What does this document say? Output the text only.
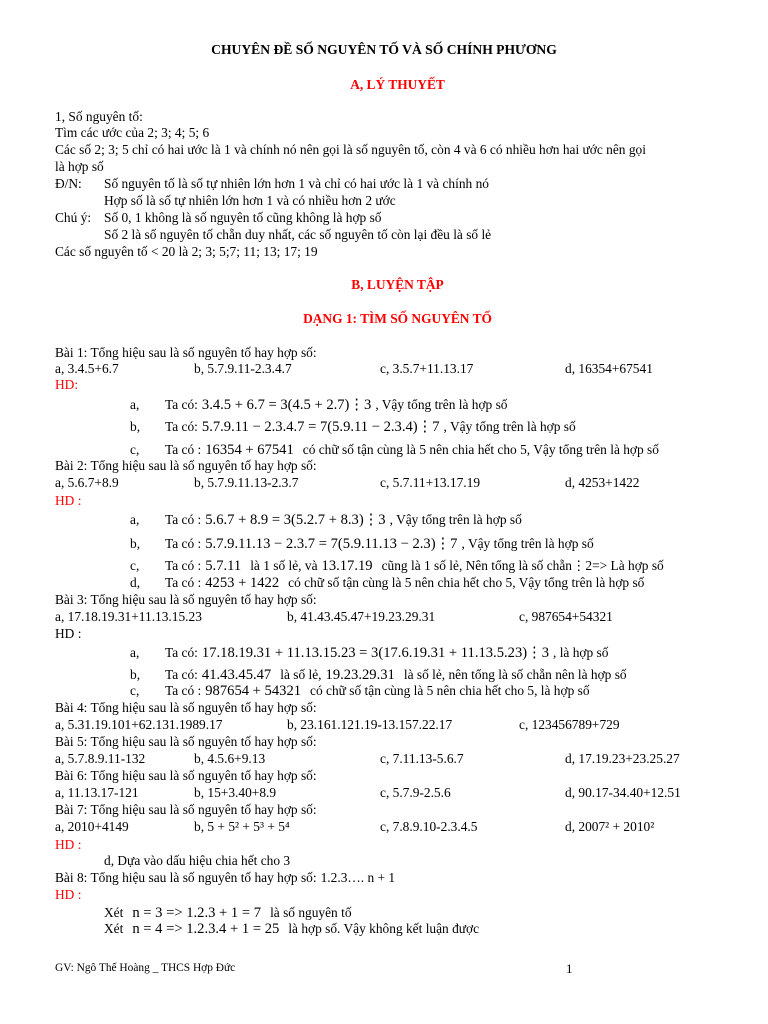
CHUYÊN ĐỀ SỐ NGUYÊN TỐ VÀ SỐ CHÍNH PHƯƠNG
A, LÝ THUYẾT
1, Số nguyên tố:
Tìm các ước của 2; 3; 4; 5; 6
Các số 2; 3; 5 chỉ có hai ước là 1 và chính nó nên gọi là số nguyên tố, còn 4 và 6 có nhiều hơn hai ước nên gọi
là hợp số
Đ/N: Số nguyên tố là số tự nhiên lớn hơn 1 và chỉ có hai ước là 1 và chính nó
Hợp số là số tự nhiên lớn hơn 1 và có nhiều hơn 2 ước
Chú ý: Số 0, 1 không là số nguyên tố cũng không là hợp số
Số 2 là số nguyên tố chẵn duy nhất, các số nguyên tố còn lại đều là số lẻ
Các số nguyên tố < 20 là 2; 3; 5;7; 11; 13; 17; 19
B, LUYỆN TẬP
DẠNG 1: TÌM SỐ NGUYÊN TỐ
Bài 1: Tổng hiệu sau là số nguyên tố hay hợp số:
a, 3.4.5+6.7	b, 5.7.9.11-2.3.4.7	c, 3.5.7+11.13.17	d, 16354+67541
HD:
a, Ta có: 3.4.5 + 6.7 = 3(4.5 + 2.7)⋮3 , Vậy tổng trên là hợp số
b, Ta có: 5.7.9.11 − 2.3.4.7 = 7(5.9.11 − 2.3.4)⋮7 , Vậy tổng trên là hợp số
c, Ta có : 16354 + 67541 có chữ số tận cùng là 5 nên chia hết cho 5, Vậy tổng trên là hợp số
Bài 2: Tổng hiệu sau là số nguyên tố hay hợp số:
a, 5.6.7+8.9	b, 5.7.9.11.13-2.3.7	c, 5.7.11+13.17.19	d, 4253+1422
HD :
a, Ta có : 5.6.7 + 8.9 = 3(5.2.7 + 8.3)⋮3 , Vậy tổng trên là hợp số
b, Ta có : 5.7.9.11.13 − 2.3.7 = 7(5.9.11.13 − 2.3)⋮7 , Vậy tổng trên là hợp số
c, Ta có : 5.7.11 là 1 số lẻ, và 13.17.19 cũng là 1 số lẻ, Nên tổng là số chẵn⋮2=> Là hợp số
d, Ta có : 4253 + 1422 có chữ số tận cùng là 5 nên chia hết cho 5, Vậy tổng trên là hợp số
Bài 3: Tổng hiệu sau là số nguyên tố hay hợp số:
a, 17.18.19.31+11.13.15.23	b, 41.43.45.47+19.23.29.31	c, 987654+54321
HD :
a, Ta có: 17.18.19.31 + 11.13.15.23 = 3(17.6.19.31 + 11.13.5.23)⋮3 , là hợp số
b, Ta có: 41.43.45.47 là số lẻ, 19.23.29.31 là số lẻ, nên tổng là số chẵn nên là hợp số
c, Ta có : 987654 + 54321 có chữ số tận cùng là 5 nên chia hết cho 5, là hợp số
Bài 4: Tổng hiệu sau là số nguyên tố hay hợp số:
a, 5.31.19.101+62.131.1989.17	b, 23.161.121.19-13.157.22.17	c, 123456789+729
Bài 5: Tổng hiệu sau là số nguyên tố hay hợp số:
a, 5.7.8.9.11-132	b, 4.5.6+9.13	c, 7.11.13-5.6.7	d, 17.19.23+23.25.27
Bài 6: Tổng hiệu sau là số nguyên tố hay hợp số:
a, 11.13.17-121	b, 15+3.40+8.9	c, 5.7.9-2.5.6	d, 90.17-34.40+12.51
Bài 7: Tổng hiệu sau là số nguyên tố hay hợp số:
a, 2010+4149	b, 5 + 5² + 5³ + 5⁴	c, 7.8.9.10-2.3.4.5	d, 2007² + 2010²
HD :
d, Dựa vào dấu hiệu chia hết cho 3
Bài 8: Tổng hiệu sau là số nguyên tố hay hợp số: 1.2.3…. n + 1
HD :
Xét n = 3 => 1.2.3 + 1 = 7 là số nguyên tố
Xét n = 4 => 1.2.3.4 + 1 = 25 là hợp số. Vậy không kết luận được
GV: Ngô Thế Hoàng _ THCS Hợp Đức	1
